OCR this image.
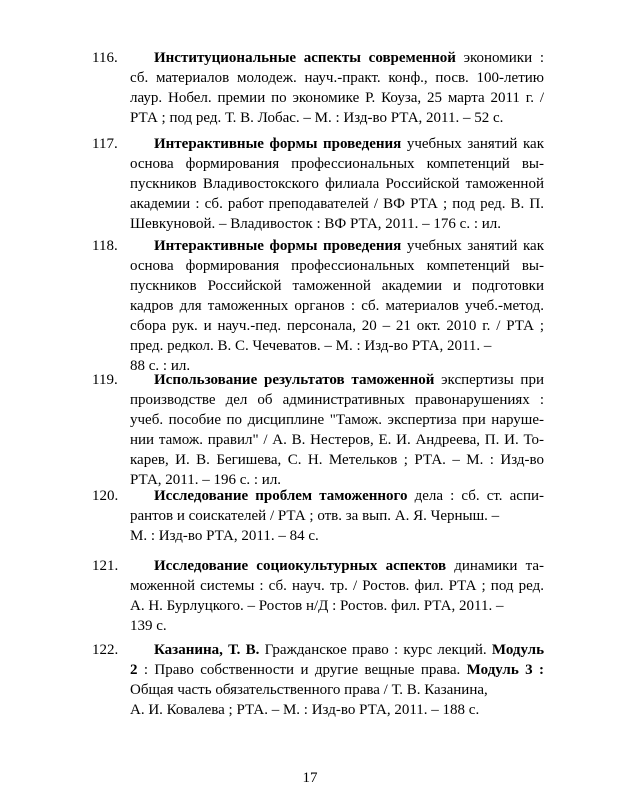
116.	Институциональные аспекты современной экономики :
сб. материалов молодеж. науч.-практ. конф., посв. 100-летию
лаур. Нобел. премии по экономике Р. Коуза, 25 марта 2011 г. /
РТА ; под ред. Т. В. Лобас. – М. : Изд-во РТА, 2011. – 52 с.
117.	Интерактивные формы проведения учебных занятий как
основа формирования профессиональных компетенций вы-
пускников Владивостокского филиала Российской таможенной
академии : сб. работ преподавателей / ВФ РТА ; под ред. В. П.
Шевкуновой. – Владивосток : ВФ РТА, 2011. – 176 с. : ил.
118.	Интерактивные формы проведения учебных занятий как
основа формирования профессиональных компетенций вы-
пускников Российской таможенной академии и подготовки
кадров для таможенных органов : сб. материалов учеб.-метод.
сбора рук. и науч.-пед. персонала, 20 – 21 окт. 2010 г. / РТА ;
пред. редкол. В. С. Чечеватов. – М. : Изд-во РТА, 2011. –
88 с. : ил.
119.	Использование результатов таможенной экспертизы при
производстве дел об административных правонарушениях :
учеб. пособие по дисциплине "Тамож. экспертиза при наруше-
нии тамож. правил" / А. В. Нестеров, Е. И. Андреева, П. И. То-
карев, И. В. Бегишева, С. Н. Метельков ; РТА. – М. : Изд-во
РТА, 2011. – 196 с. : ил.
120.	Исследование проблем таможенного дела : сб. ст. аспи-
рантов и соискателей / РТА ; отв. за вып. А. Я. Черныш. –
М. : Изд-во РТА, 2011. – 84 с.
121.	Исследование социокультурных аспектов динамики та-
моженной системы : сб. науч. тр. / Ростов. фил. РТА ; под ред.
А. Н. Бурлуцкого. – Ростов н/Д : Ростов. фил. РТА, 2011. –
139 с.
122.	Казанина, Т. В. Гражданское право : курс лекций. Модуль
2 : Право собственности и другие вещные права. Модуль 3 :
Общая часть обязательственного права / Т. В. Казанина,
А. И. Ковалева ; РТА. – М. : Изд-во РТА, 2011. – 188 с.
17
